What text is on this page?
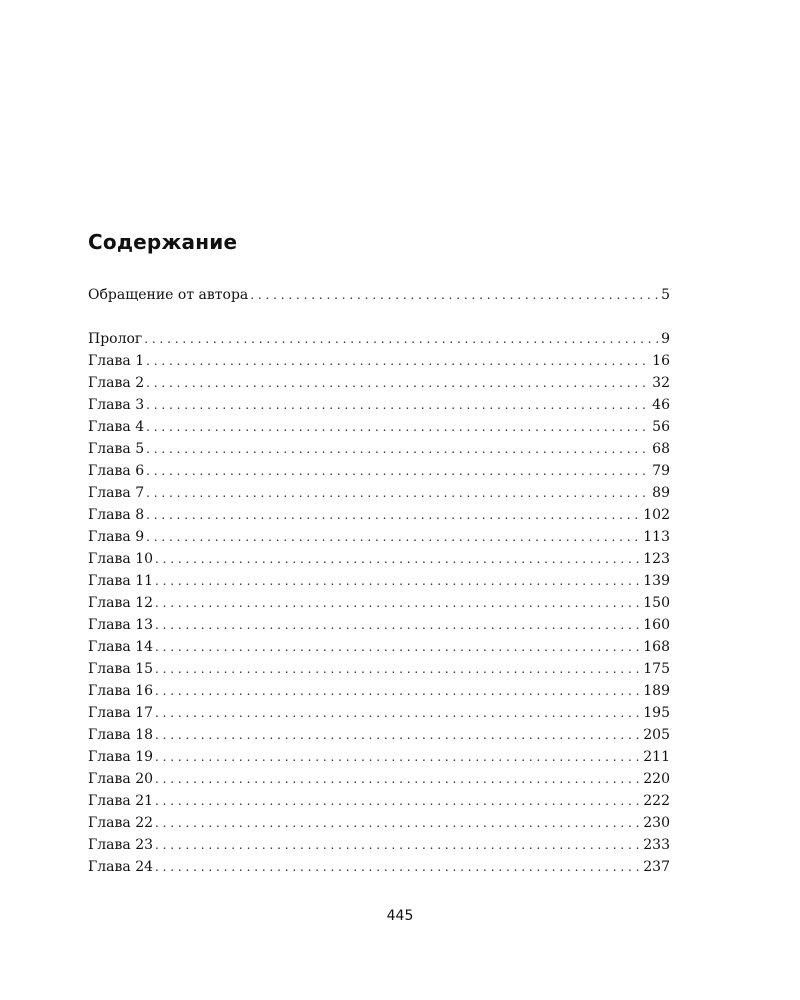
Содержание
Обращение от автора . . .	5
Пролог . . .	9
Глава 1 . . .	16
Глава 2 . . .	32
Глава 3 . . .	46
Глава 4 . . .	56
Глава 5 . . .	68
Глава 6 . . .	79
Глава 7 . . .	89
Глава 8 . . .	102
Глава 9 . . .	113
Глава 10 . . .	123
Глава 11 . . .	139
Глава 12 . . .	150
Глава 13 . . .	160
Глава 14 . . .	168
Глава 15 . . .	175
Глава 16 . . .	189
Глава 17 . . .	195
Глава 18 . . .	205
Глава 19 . . .	211
Глава 20 . . .	220
Глава 21 . . .	222
Глава 22 . . .	230
Глава 23 . . .	233
Глава 24 . . .	237
445
